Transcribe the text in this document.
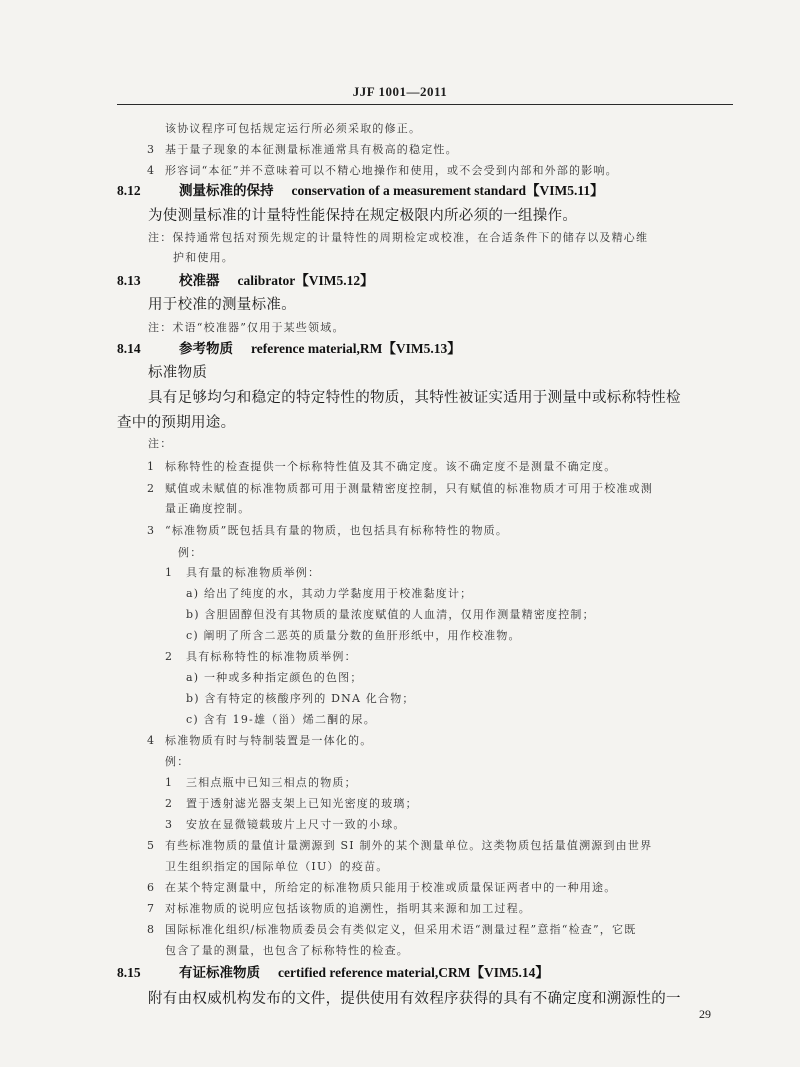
JJF 1001—2011
该协议程序可包括规定运行所必须采取的修正。
3 基于量子现象的本征测量标准通常具有极高的稳定性。
4 形容词“本征”并不意味着可以不精心地操作和使用，或不会受到内部和外部的影响。
为使测量标准的计量特性能保持在规定极限内所必须的一组操作。
注：保持通常包括对预先规定的计量特性的周期检定或校准，在合适条件下的储存以及精心维
护和使用。
用于校准的测量标准。
注：术语“校准器”仅用于某些领域。
标准物质
具有足够均匀和稳定的特定特性的物质，其特性被证实适用于测量中或标称特性检
查中的预期用途。
注：
1 标称特性的检查提供一个标称特性值及其不确定度。该不确定度不是测量不确定度。
2 赋值或未赋值的标准物质都可用于测量精密度控制，只有赋值的标准物质才可用于校准或测
量正确度控制。
3 “标准物质”既包括具有量的物质，也包括具有标称特性的物质。
例：
1 具有量的标准物质举例：
a) 给出了纯度的水，其动力学黏度用于校准黏度计；
b) 含胆固醇但没有其物质的量浓度赋值的人血清，仅用作测量精密度控制；
c) 阐明了所含二恶英的质量分数的鱼肝形纸中，用作校准物。
2 具有标称特性的标准物质举例：
a) 一种或多种指定颜色的色图；
b) 含有特定的核酸序列的 DNA 化合物；
c) 含有 19-雄（甾）烯二酮的尿。
4 标准物质有时与特制装置是一体化的。
例：
1 三相点瓶中已知三相点的物质；
2 置于透射滤光器支架上已知光密度的玻璃；
3 安放在显微镜载玻片上尺寸一致的小球。
5 有些标准物质的量值计量溯源到 SI 制外的某个测量单位。这类物质包括量值溯源到由世界
卫生组织指定的国际单位（IU）的疫苗。
6 在某个特定测量中，所给定的标准物质只能用于校准或质量保证两者中的一种用途。
7 对标准物质的说明应包括该物质的追溯性，指明其来源和加工过程。
8 国际标准化组织/标准物质委员会有类似定义，但采用术语“测量过程”意指“检查”，它既
包含了量的测量，也包含了标称特性的检查。
附有由权威机构发布的文件，提供使用有效程序获得的具有不确定度和溯源性的一
8.12	测量标准的保持 conservation of a measurement standard【VIM5.11】
8.13	校准器 calibrator【VIM5.12】
8.14	参考物质 reference material,RM【VIM5.13】
8.15	有证标准物质 certified reference material,CRM【VIM5.14】
29
